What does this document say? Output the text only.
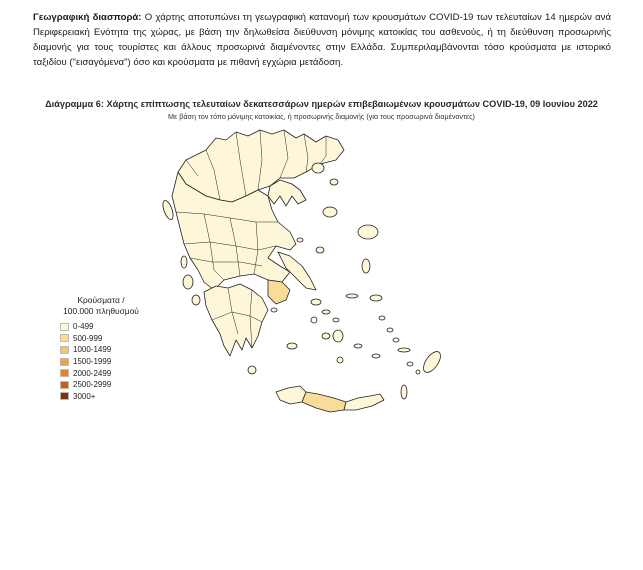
Γεωγραφική διασπορά: Ο χάρτης αποτυπώνει τη γεωγραφική κατανομή των κρουσμάτων COVID-19 των τελευταίων 14 ημερών ανά Περιφερειακή Ενότητα της χώρας, με βάση την δηλωθείσα διεύθυνση μόνιμης κατοικίας του ασθενούς, ή τη διεύθυνση προσωρινής διαμονής για τους τουρίστες και άλλους προσωρινά διαμένοντες στην Ελλάδα. Συμπεριλαμβάνονται τόσο κρούσματα με ιστορικό ταξιδίου ("εισαγόμενα") όσο και κρούσματα με πιθανή εγχώρια μετάδοση.
Διάγραμμα 6: Χάρτης επίπτωσης τελευταίων δεκατεσσάρων ημερών επιβεβαιωμένων κρουσμάτων COVID-19, 09 Ιουνίου 2022
Με βάση τον τόπο μόνιμης κατοικίας, ή προσωρινής διαμονής (για τους προσωρινά διαμένοντες)
Κρούσματα /
100.000 πληθυσμού
0-499
500-999
1000-1499
1500-1999
2000-2499
2500-2999
3000+
